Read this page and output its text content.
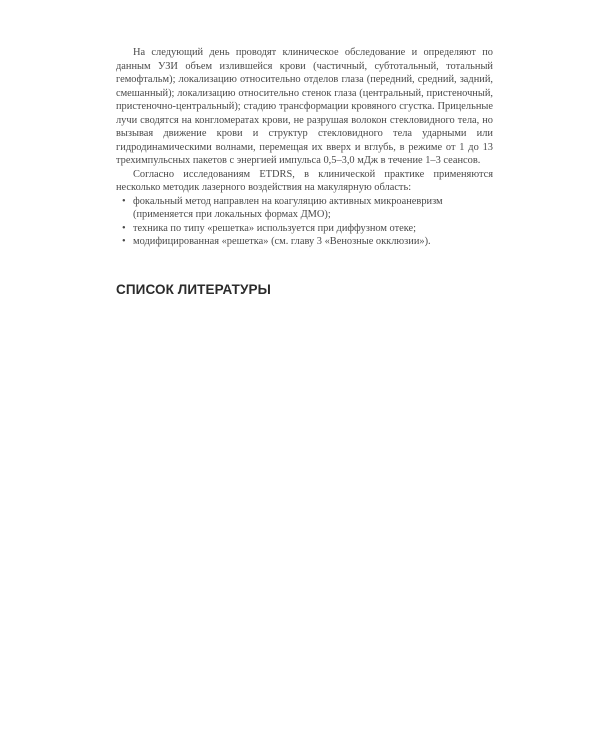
На следующий день проводят клиническое обследование и определяют по данным УЗИ объем излившейся крови (частичный, субтотальный, тотальный гемофтальм); локализацию относительно отделов глаза (передний, средний, задний, смешанный); локализацию относительно стенок глаза (центральный, пристеночный, пристеночно-центральный); стадию трансформации кровяного сгустка. Прицельные лучи сводятся на конгломератах крови, не разрушая волокон стекловидного тела, но вызывая движение крови и структур стекловидного тела ударными или гидродинамическими волнами, перемещая их вверх и вглубь, в режиме от 1 до 13 трехимпульсных пакетов с энергией импульса 0,5–3,0 мДж в течение 1–3 сеансов.

Согласно исследованиям ETDRS, в клинической практике применяются несколько методик лазерного воздействия на макулярную область:

• фокальный метод направлен на коагуляцию активных микроаневризм (применяется при локальных формах ДМО);
• техника по типу «решетка» используется при диффузном отеке;
• модифицированная «решетка» (см. главу 3 «Венозные окклюзии»).
СПИСОК ЛИТЕРАТУРЫ
